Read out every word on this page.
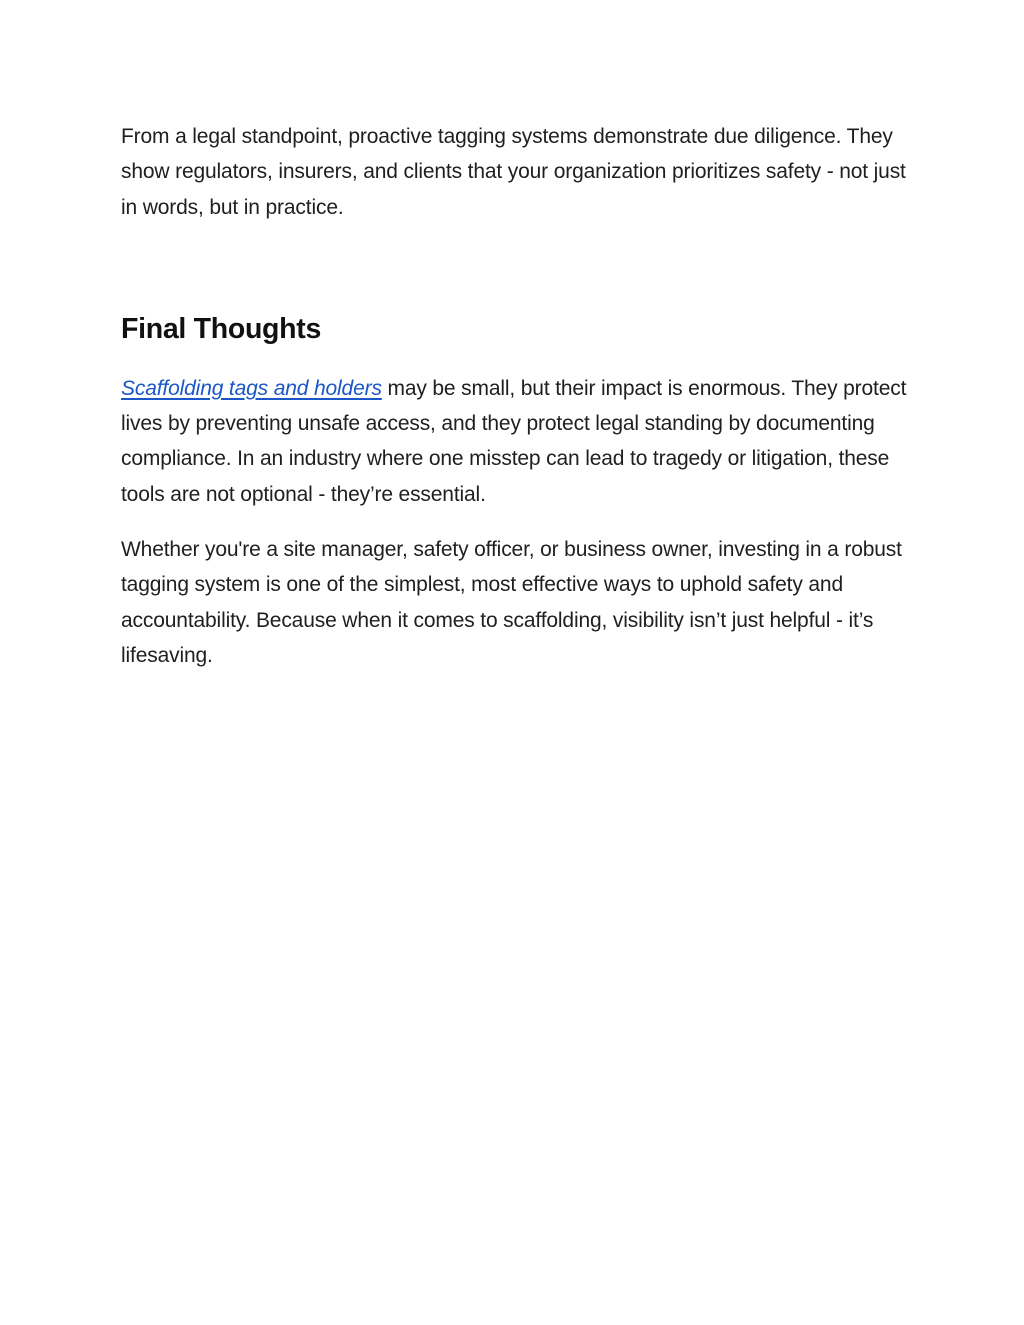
From a legal standpoint, proactive tagging systems demonstrate due diligence. They show regulators, insurers, and clients that your organization prioritizes safety - not just in words, but in practice.

Final Thoughts

Scaffolding tags and holders may be small, but their impact is enormous. They protect lives by preventing unsafe access, and they protect legal standing by documenting compliance. In an industry where one misstep can lead to tragedy or litigation, these tools are not optional - they’re essential.

Whether you're a site manager, safety officer, or business owner, investing in a robust tagging system is one of the simplest, most effective ways to uphold safety and accountability. Because when it comes to scaffolding, visibility isn’t just helpful - it’s lifesaving.
